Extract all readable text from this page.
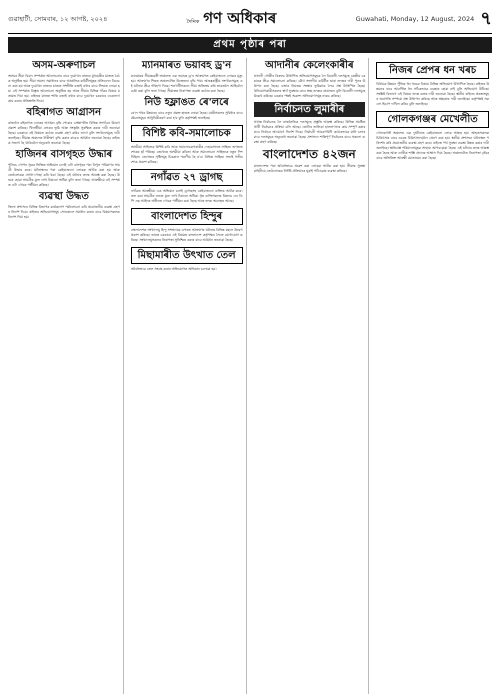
গুৱাহাটী, সোমবাৰ, ১২ আগষ্ট, ২০২৪	দৈনিক গণ অধিকাৰ	Guwahati, Monday, 12 August, 2024 ৭
প্ৰথম পৃষ্ঠাৰ পৰা
অসম-অৰুণাচল
অসমৰ সীমা বিবাদ সম্পৰ্কত আলোচনাৰ বাবে দুয়োখন ৰাজ্যৰ মুখ্যমন্ত্ৰীৰ মাজত বৈঠক অনুষ্ঠিত হয়। সীমা সমস্যা সমাধানৰ বাবে আঞ্চলিক কমিটীসমূহৰ প্ৰতিবেদন বিবেচনা কৰা হয় আৰু দুয়োখন ৰাজ্যৰ মাজত সম্প্ৰীতি বজাই ৰখাৰ বাবে সিদ্ধান্ত লোৱা হয়। এই সম্পৰ্কত বিস্তৃত আলোচনা অনুষ্ঠিত হয় আৰু সীমাৰ বিভিন্ন গাঁৱৰ বিষয়ে মতামত দিয়া হয়। ৰাইজৰ মাজত শান্তি বজাই ৰখাৰ বাবে দুয়োখন চৰকাৰে একেলগে কাম কৰাৰ প্ৰতিশ্ৰুতি দিয়ে।
বহিৰাগত আগ্ৰাসন
ৰাজ্যলৈ বহিৰাগত লোকৰ আগমন বৃদ্ধি পোৱাৰ প্ৰেক্ষাপটত বিভিন্ন সংগঠনে উদ্বেগ প্ৰকাশ কৰিছে। খিলঞ্জীয়া লোকৰ ভূমি আৰু সংস্কৃতি সুৰক্ষিত কৰাৰ দাবী জনোৱা হৈছে। চৰকাৰে এই বিষয়ত কঠোৰ ব্যৱস্থা গ্ৰহণ কৰিব লাগে বুলি সংগঠনসমূহে দাবী জনাইছে। সীমান্ত অঞ্চলত নিৰীক্ষণ বৃদ্ধি কৰাৰ বাবেও আহ্বান জনোৱা হৈছে। ৰাইজক সজাগ হৈ থাকিবলৈ অনুৰোধ জনোৱা হৈছে।
হাজিনৰ বাসগৃহত উদ্ধাৰ
পুলিচে গোপন সূত্ৰৰ ভিত্তিত অভিযান চলাই এটা বাসগৃহৰ পৰা বিপুল পৰিমাণৰ সামগ্ৰী উদ্ধাৰ কৰে। ঘটনাস্থলৰ পৰা কেইবাজনো লোকক আটক কৰা হয় আৰু তেওঁলোকক সোধা-পোছা কৰি থকা হৈছে। এই ঘটনাৰ তদন্ত আৰম্ভ কৰা হৈছে। উদ্ধাৰ হোৱা সামগ্ৰীৰ মূল্য লাখ টকাৰো অধিক বুলি জনা গৈছে। আৰক্ষীয়ে এই সম্পৰ্কত এটা গোচৰ পঞ্জীয়ন কৰিছে।
ব্যৱস্থা উদ্ধত
জিলা প্ৰশাসনে বিভিন্ন বিভাগৰ কাৰ্যকলাপ পৰ্যালোচনা কৰি প্ৰয়োজনীয় ব্যৱস্থা গ্ৰহণৰ নিৰ্দেশ দিয়ে। ৰাইজৰ অভিযোগসমূহ সোনকালে সমাধান কৰাৰ বাবে বিষয়াসকলক নিৰ্দেশ দিয়া হয়।
ম্যানমাৰত ভয়াবহ ড্ৰ'ন
ম্যানমাৰৰ সীমান্তৱৰ্তী অঞ্চলত এক ভয়াবহ ড্ৰ'ন আক্ৰমণত কেইবাজনো লোকৰ মৃত্যু হয়। আক্ৰমণৰ পিছত অঞ্চলটোত উত্তেজনা বৃদ্ধি পায়। আন্তঃৰাষ্ট্ৰীয় সংগঠনসমূহে এই ঘটনাৰ তীব্ৰ গৰিহণা দিছে। শৰণাৰ্থীসকলে সীমা অতিক্ৰম কৰি ভাৰতলৈ আহিবলৈ চেষ্টা কৰা বুলি জনা গৈছে। সীমান্তত নিৰাপত্তা ব্যৱস্থা কঠোৰ কৰা হৈছে।
নিউ হফ্লাঙত ৰে'লৰে
ৰে'ল পথৰ উন্নয়নৰ বাবে নতুন প্ৰকল্প হাতত লোৱা হৈছে। যাত্ৰীসকলৰ সুবিধাৰ বাবে ষ্টেচনসমূহৰ আধুনিকীকৰণ কৰা হ'ব বুলি কৰ্তৃপক্ষই জনাইছে।
বিশিষ্ট কবি-সমালোচক
অসমীয়া সাহিত্যৰ বিশিষ্ট কবি আৰু সমালোচকগৰাকীৰ দেহাৱসানত সাহিত্য জগতত শোকৰ ছাঁ পৰিছে। তেখেতে অসমীয়া কবিতা আৰু সমালোচনা সাহিত্যক নতুন দিশ দিছিল। তেখেতৰ সৃষ্টিসমূহ চিৰকাল স্মৰণীয় হৈ ৰ'ব। বিভিন্ন সাহিত্য সভাই গভীৰ শোক প্ৰকাশ কৰিছে।
নগাঁৱত ২৭ ড্ৰাগছ
নগাঁৱত আৰক্ষীয়ে এক অভিযান চলাই ড্ৰাগছসহ কেইবাজনো ব্যক্তিক আটক কৰে। জব্দ কৰা সামগ্ৰীৰ বজাৰ মূল্য লাখ টকাৰো অধিক। ধৃত ব্যক্তিসকলৰ বিৰুদ্ধে এন ডি পি এছ আইনৰ অধীনত গোচৰ পঞ্জীয়ন কৰা হৈছে আৰু তদন্ত অব্যাহত আছে।
বাংলাদেশত হিন্দুৰ
বাংলাদেশত সংখ্যালঘু হিন্দু সম্প্ৰদায়ৰ ওপৰত আক্ৰমণৰ ঘটনাত বিভিন্ন মহলে উদ্বেগ প্ৰকাশ কৰিছে। ভাৰত চৰকাৰে এই বিষয়ত বাংলাদেশ কৰ্তৃপক্ষৰ সৈতে যোগাযোগ কৰিছে। সংখ্যালঘুসকলৰ নিৰাপত্তা সুনিশ্চিত কৰাৰ বাবে আহ্বান জনোৱা হৈছে।
মিছামাৰীত উৎখাত তেল
অবৈধভাৱে তেল সংগ্ৰহ কৰাৰ অভিযোগত অভিযান চলোৱা হয়।
আদানীৰ কেলেংকাৰীৰ
আদানী গোষ্ঠীৰ বিৰুদ্ধে উত্থাপিত অভিযোগসমূহক লৈ বিৰোধী দলসমূহে কেন্দ্ৰীয় চৰকাৰক তীব্ৰ সমালোচনা কৰিছে। যৌথ সংসদীয় কমিটীৰ দ্বাৰা তদন্তৰ দাবী পুনৰ উত্থাপন কৰা হৈছে। বজাৰ নিয়ন্ত্ৰক সংস্থাৰ ভূমিকাক লৈও প্ৰশ্ন উত্থাপিত হৈছে। বিনিয়োগকাৰীসকলৰ স্বাৰ্থ সুৰক্ষাৰ বাবে স্বচ্ছ তদন্তৰ প্ৰয়োজন বুলি বিৰোধী দলসমূহে উল্লেখ কৰিছে। চৰকাৰ পক্ষই অৱশ্যে অভিযোগসমূহ নাকচ কৰিছে।
নিৰ্বাচনত লুমাৰীৰ
আসন্ন নিৰ্বাচনক লৈ ৰাজনৈতিক দলসমূহে প্ৰস্তুতি আৰম্ভ কৰিছে। বিভিন্ন সমষ্টিত প্ৰাৰ্থী নিৰ্বাচনৰ প্ৰক্ৰিয়া চলি আছে। ভোটাৰ তালিকা হালনাগাদৰ কাম সম্পূৰ্ণ কৰাৰ বাবে নিৰ্বাচন আয়োগে নিৰ্দেশ দিছে। নিৰ্বাচনী আচৰণবিধি কঠোৰভাৱে মানি চলাৰ বাবে দলসমূহক অনুৰোধ জনোৱা হৈছে। প্ৰশাসনে শান্তিপূৰ্ণ নিৰ্বাচনৰ বাবে সকলো ব্যৱস্থা গ্ৰহণ কৰিছে।
বাংলাদেশত ৪২জন
বাংলাদেশৰ পৰা অবৈধভাৱে প্ৰৱেশ কৰা লোকক আটক কৰা হয়। সীমান্ত সুৰক্ষা বাহিনীয়ে তেওঁলোকক নিৰ্দিষ্ট প্ৰক্ৰিয়াৰে ঘূৰাই পঠিওৱাৰ ব্যৱস্থা কৰিছে।
নিজৰ প্ৰেপৰ ধন খৰচ
বিধায়ক উন্নয়ন পুঁজিৰ ধন খৰচৰ বিষয়ে বিভিন্ন অভিযোগ উত্থাপিত হৈছে। ৰাইজৰ উন্নয়নৰ বাবে আবণ্টিত ধন সঠিকভাৱে ব্যৱহাৰ হোৱা নাই বুলি অভিযোগ উঠিছে। সংশ্লিষ্ট বিভাগে এই বিষয়ে তদন্ত কৰাৰ দাবী জনোৱা হৈছে। স্থানীয় ৰাইজে প্ৰকল্পসমূহৰ অগ্ৰগতি সম্পৰ্কে প্ৰশ্ন উত্থাপন কৰিছে আৰু স্বচ্ছতাৰ দাবী জনাইছে। কৰ্তৃপক্ষই সকলো হিচাপ দাখিল কৰিব বুলি জনাইছে।
গোলকগঞ্জৰ মেখেলীত
গোলকগঞ্জ অঞ্চলত এক দুৰ্ঘটনাত কেইবাজনো লোক আহত হয়। আহতসকলক চিকিৎসাৰ বাবে ওচৰৰ চিকিৎসালয়লৈ প্ৰেৰণ কৰা হয়। স্থানীয় প্ৰশাসনে ঘটনাস্থল পৰিদৰ্শন কৰি প্ৰয়োজনীয় ব্যৱস্থা গ্ৰহণ কৰে। ৰাইজে পথ সুৰক্ষা ব্যৱস্থা উন্নত কৰাৰ দাবী জনাইছে। ক্ষতিগ্ৰস্ত পৰিয়ালসমূহক সাহায্য আগবঢ়োৱা হৈছে। এই ঘটনাৰ তদন্ত আৰম্ভ কৰা হৈছে আৰু দোষীক শাস্তি প্ৰদানৰ আশ্বাস দিয়া হৈছে। অঞ্চলটোত নিৰাপত্তা বৃদ্ধিৰ বাবে অতিৰিক্ত আৰক্ষী মোতায়েন কৰা হৈছে।
